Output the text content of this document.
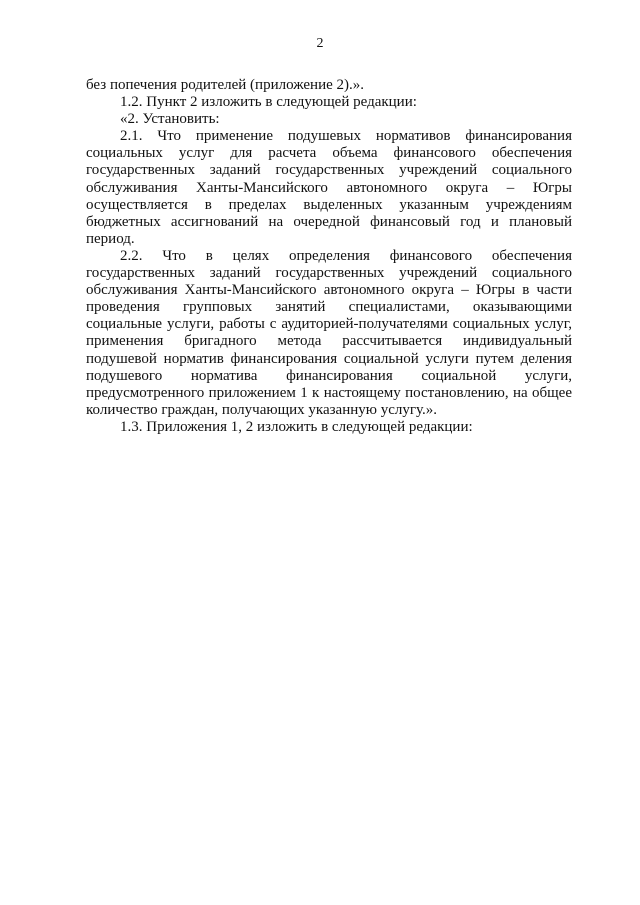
2

без попечения родителей (приложение 2).».

1.2. Пункт 2 изложить в следующей редакции:

«2. Установить:

2.1. Что применение подушевых нормативов финансирования социальных услуг для расчета объема финансового обеспечения государственных заданий государственных учреждений социального обслуживания Ханты-Мансийского автономного округа – Югры осуществляется в пределах выделенных указанным учреждениям бюджетных ассигнований на очередной финансовый год и плановый период.

2.2. Что в целях определения финансового обеспечения государственных заданий государственных учреждений социального обслуживания Ханты-Мансийского автономного округа – Югры в части проведения групповых занятий специалистами, оказывающими социальные услуги, работы с аудиторией-получателями социальных услуг, применения бригадного метода рассчитывается индивидуальный подушевой норматив финансирования социальной услуги путем деления подушевого норматива финансирования социальной услуги, предусмотренного приложением 1 к настоящему постановлению, на общее количество граждан, получающих указанную услугу.».

1.3. Приложения 1, 2 изложить в следующей редакции:
